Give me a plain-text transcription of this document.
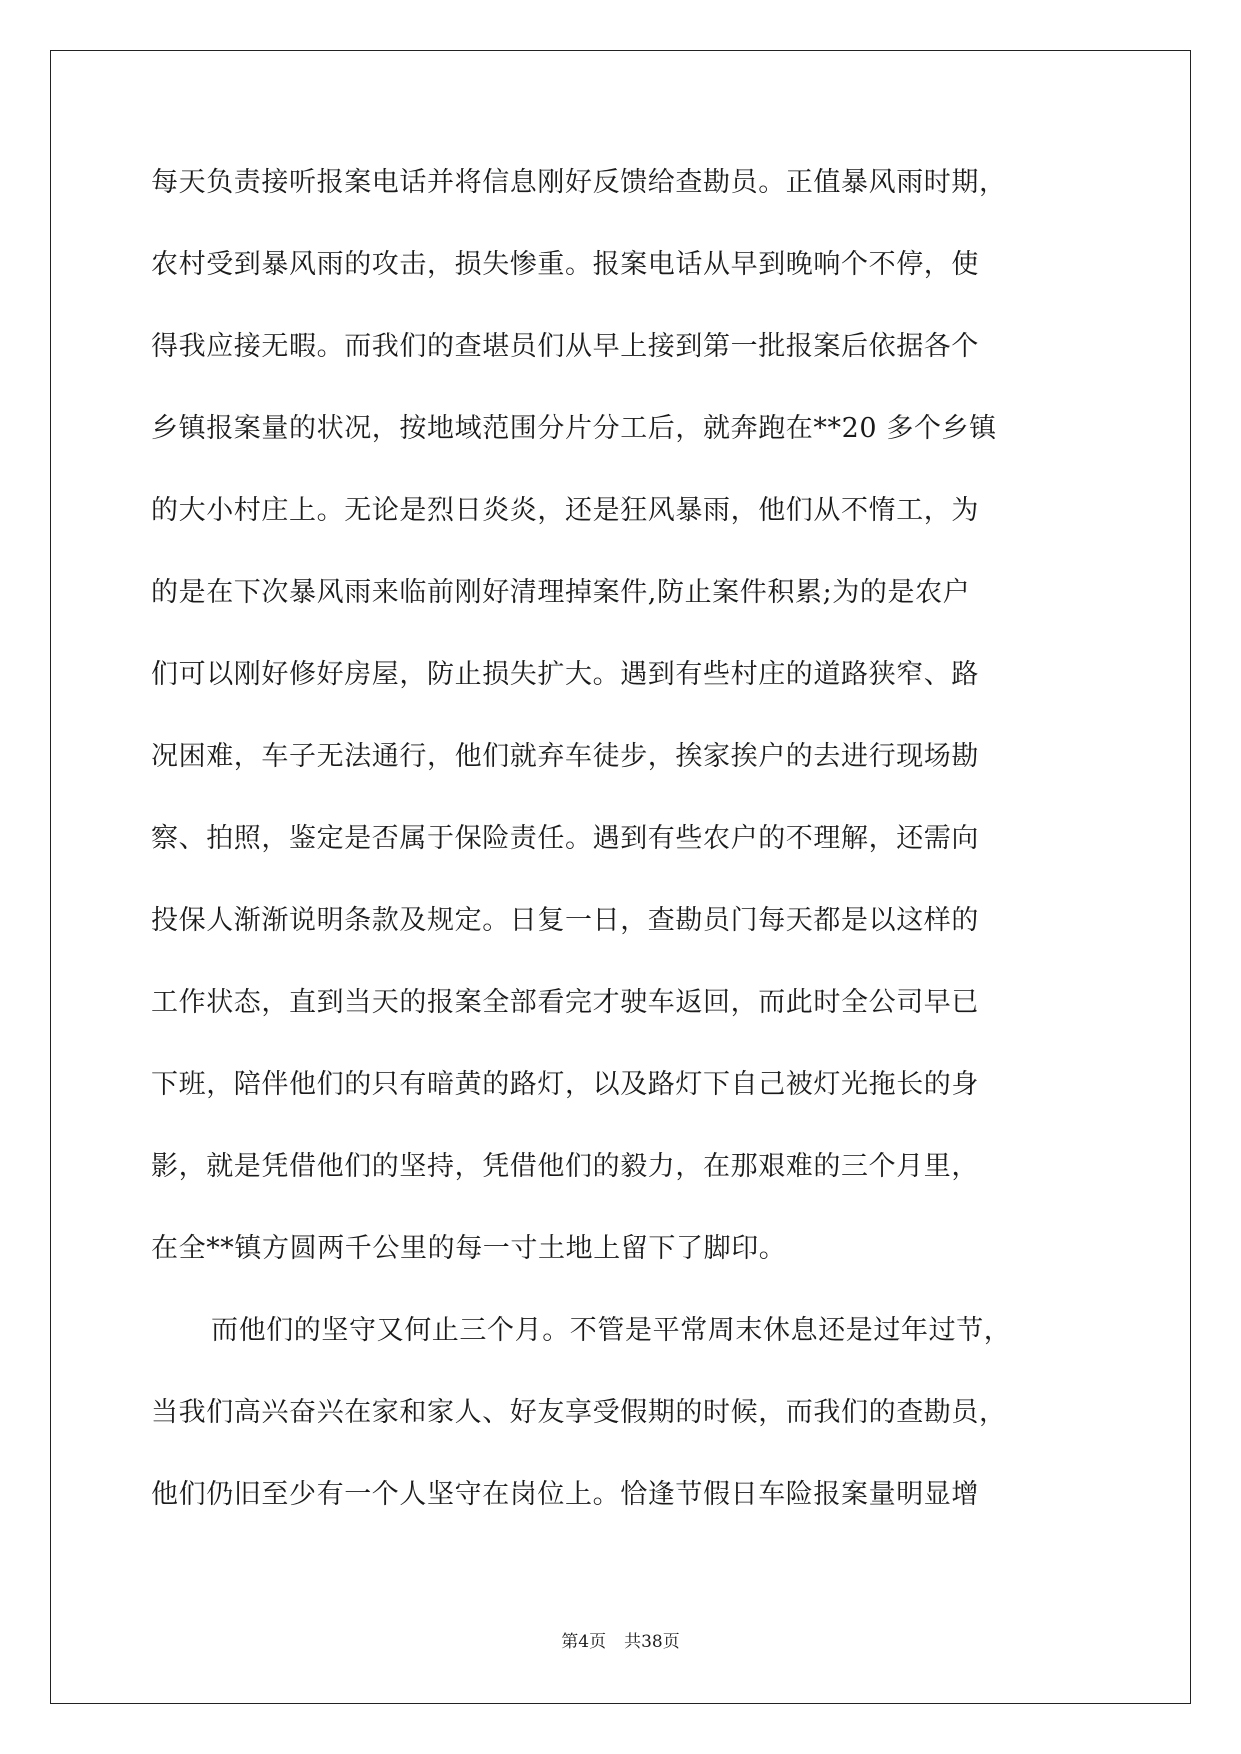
每天负责接听报案电话并将信息刚好反馈给查勘员。正值暴风雨时期，
农村受到暴风雨的攻击，损失惨重。报案电话从早到晚响个不停，使
得我应接无暇。而我们的查堪员们从早上接到第一批报案后依据各个
乡镇报案量的状况，按地域范围分片分工后，就奔跑在**20 多个乡镇
的大小村庄上。无论是烈日炎炎，还是狂风暴雨，他们从不惰工，为
的是在下次暴风雨来临前刚好清理掉案件,防止案件积累;为的是农户
们可以刚好修好房屋，防止损失扩大。遇到有些村庄的道路狭窄、路
况困难，车子无法通行，他们就弃车徒步，挨家挨户的去进行现场勘
察、拍照，鉴定是否属于保险责任。遇到有些农户的不理解，还需向
投保人渐渐说明条款及规定。日复一日，查勘员门每天都是以这样的
工作状态，直到当天的报案全部看完才驶车返回，而此时全公司早已
下班，陪伴他们的只有暗黄的路灯，以及路灯下自己被灯光拖长的身
影，就是凭借他们的坚持，凭借他们的毅力，在那艰难的三个月里，
在全**镇方圆两千公里的每一寸土地上留下了脚印。
而他们的坚守又何止三个月。不管是平常周末休息还是过年过节，
当我们高兴奋兴在家和家人、好友享受假期的时候，而我们的查勘员，
他们仍旧至少有一个人坚守在岗位上。恰逢节假日车险报案量明显增
第4页 共38页
